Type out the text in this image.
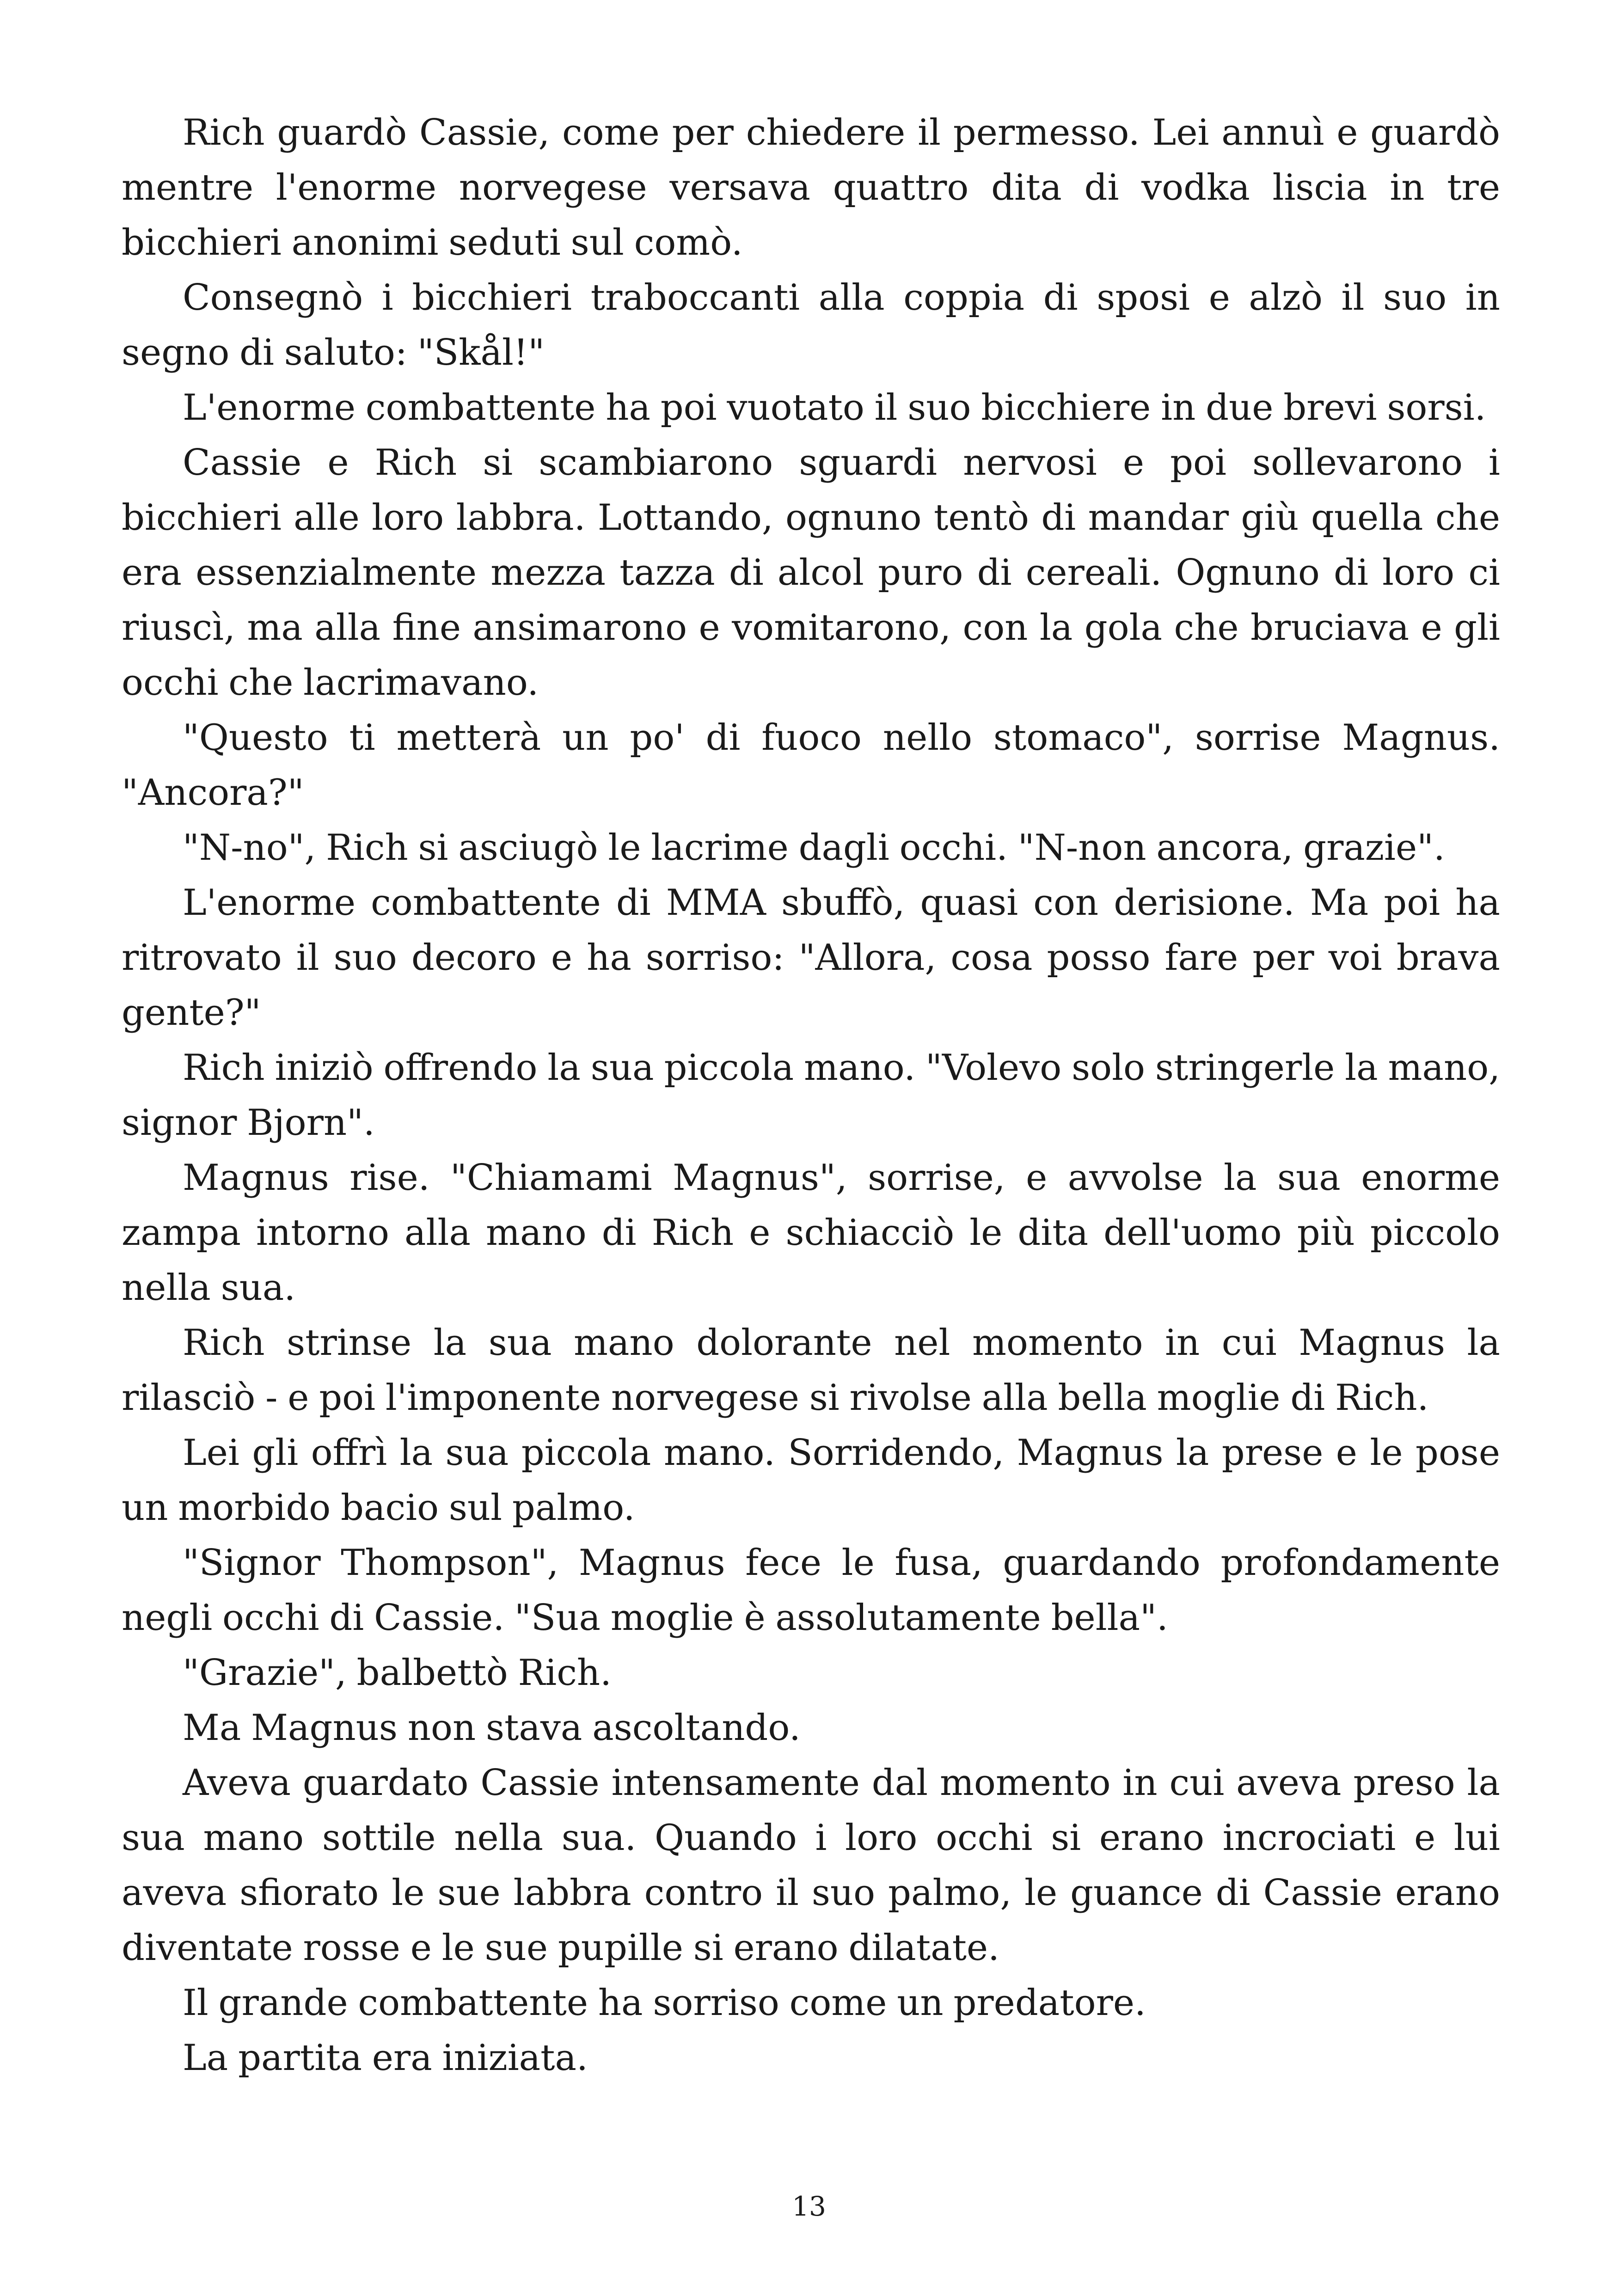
Rich guardò Cassie, come per chiedere il permesso. Lei annuì e guardò mentre l'enorme norvegese versava quattro dita di vodka liscia in tre bicchieri anonimi seduti sul comò.

Consegnò i bicchieri traboccanti alla coppia di sposi e alzò il suo in segno di saluto: "Skål!"

L'enorme combattente ha poi vuotato il suo bicchiere in due brevi sorsi.

Cassie e Rich si scambiarono sguardi nervosi e poi sollevarono i bicchieri alle loro labbra. Lottando, ognuno tentò di mandar giù quella che era essenzialmente mezza tazza di alcol puro di cereali. Ognuno di loro ci riuscì, ma alla fine ansimarono e vomitarono, con la gola che bruciava e gli occhi che lacrimavano.

"Questo ti metterà un po' di fuoco nello stomaco", sorrise Magnus. "Ancora?"

"N-no", Rich si asciugò le lacrime dagli occhi. "N-non ancora, grazie".

L'enorme combattente di MMA sbuffò, quasi con derisione. Ma poi ha ritrovato il suo decoro e ha sorriso: "Allora, cosa posso fare per voi brava gente?"

Rich iniziò offrendo la sua piccola mano. "Volevo solo stringerle la mano, signor Bjorn".

Magnus rise. "Chiamami Magnus", sorrise, e avvolse la sua enorme zampa intorno alla mano di Rich e schiacciò le dita dell'uomo più piccolo nella sua.

Rich strinse la sua mano dolorante nel momento in cui Magnus la rilasciò - e poi l'imponente norvegese si rivolse alla bella moglie di Rich.

Lei gli offrì la sua piccola mano. Sorridendo, Magnus la prese e le pose un morbido bacio sul palmo.

"Signor Thompson", Magnus fece le fusa, guardando profondamente negli occhi di Cassie. "Sua moglie è assolutamente bella".

"Grazie", balbettò Rich.

Ma Magnus non stava ascoltando.

Aveva guardato Cassie intensamente dal momento in cui aveva preso la sua mano sottile nella sua. Quando i loro occhi si erano incrociati e lui aveva sfiorato le sue labbra contro il suo palmo, le guance di Cassie erano diventate rosse e le sue pupille si erano dilatate.

Il grande combattente ha sorriso come un predatore.

La partita era iniziata.

13
